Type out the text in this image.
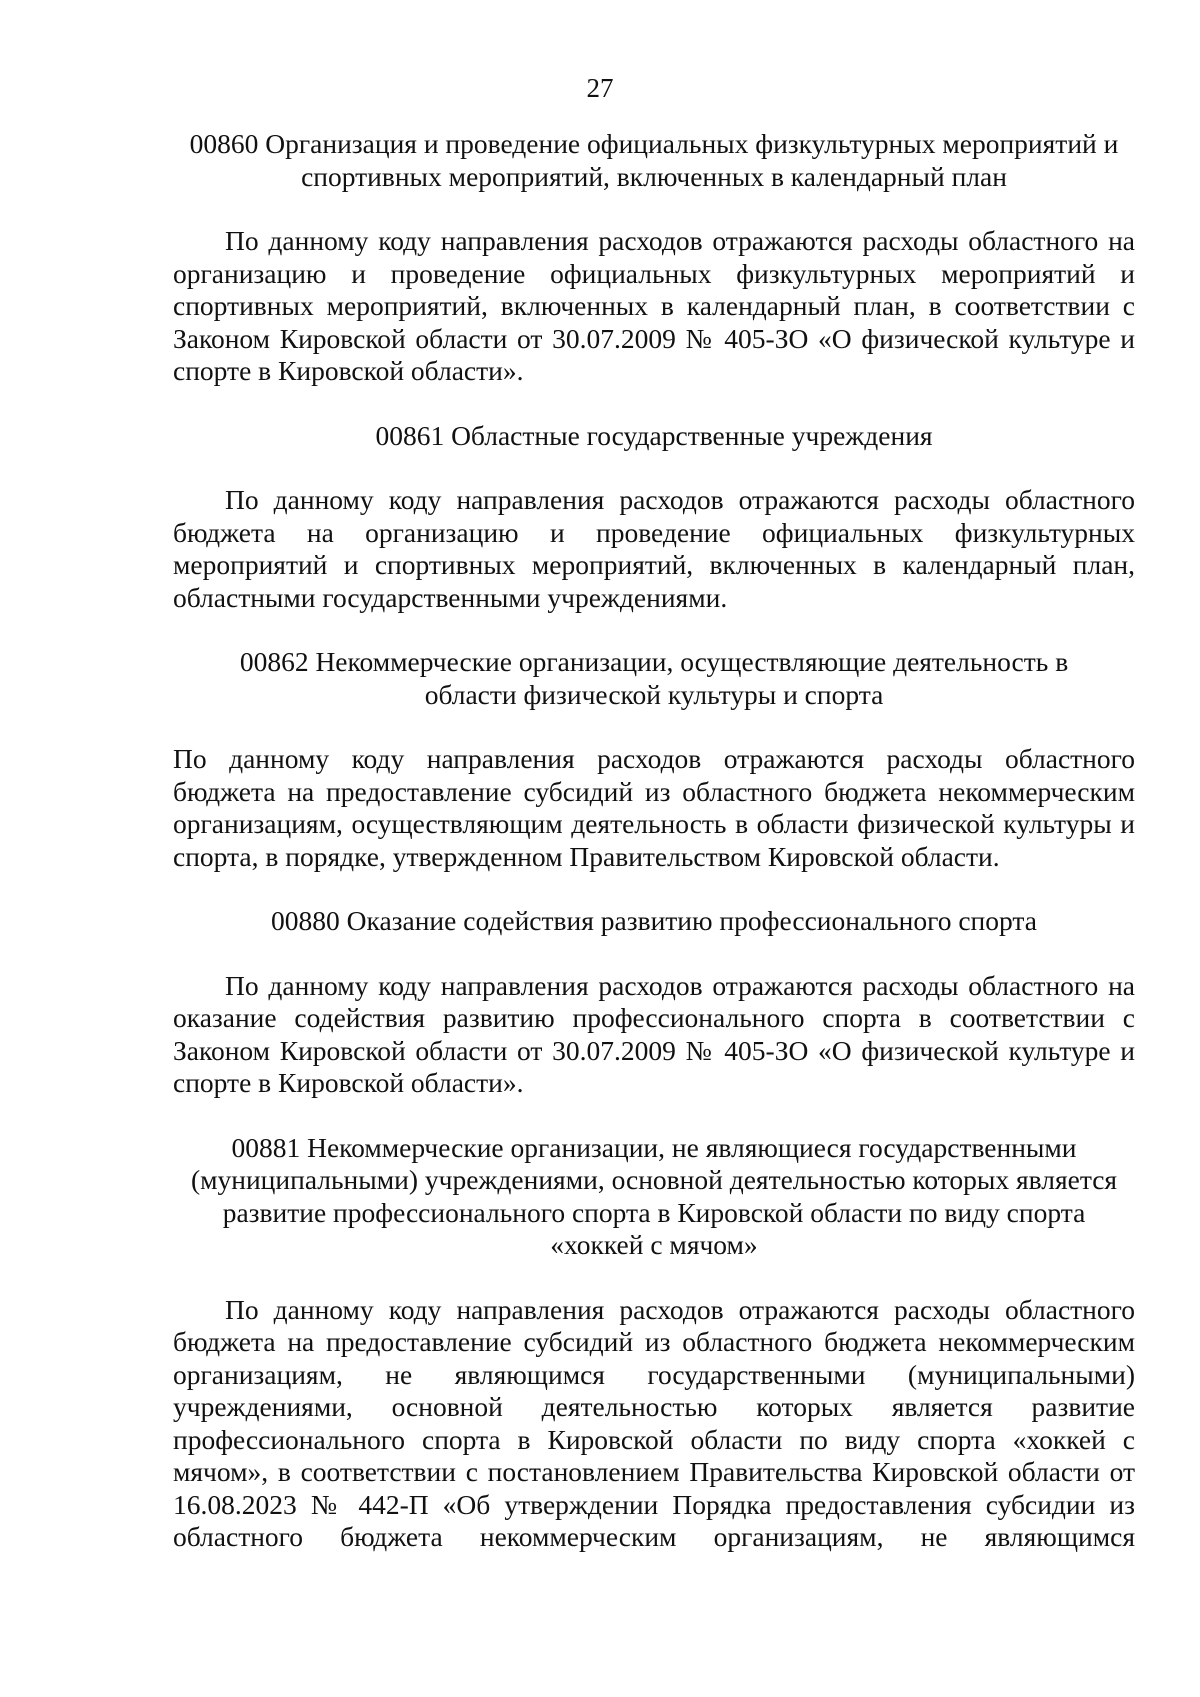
27
00860 Организация и проведение официальных физкультурных мероприятий и спортивных мероприятий, включенных в календарный план

По данному коду направления расходов отражаются расходы областного на организацию и проведение официальных физкультурных мероприятий и спортивных мероприятий, включенных в календарный план, в соответствии с Законом Кировской области от 30.07.2009 № 405-ЗО «О физической культуре и спорте в Кировской области».

00861 Областные государственные учреждения

По данному коду направления расходов отражаются расходы областного бюджета на организацию и проведение официальных физкультурных мероприятий и спортивных мероприятий, включенных в календарный план, областными государственными учреждениями.

00862 Некоммерческие организации, осуществляющие деятельность в области физической культуры и спорта

По данному коду направления расходов отражаются расходы областного бюджета на предоставление субсидий из областного бюджета некоммерческим организациям, осуществляющим деятельность в области физической культуры и спорта, в порядке, утвержденном Правительством Кировской области.

00880 Оказание содействия развитию профессионального спорта

По данному коду направления расходов отражаются расходы областного на оказание содействия развитию профессионального спорта в соответствии с Законом Кировской области от 30.07.2009 № 405-ЗО «О физической культуре и спорте в Кировской области».

00881 Некоммерческие организации, не являющиеся государственными (муниципальными) учреждениями, основной деятельностью которых является развитие профессионального спорта в Кировской области по виду спорта «хоккей с мячом»

По данному коду направления расходов отражаются расходы областного бюджета на предоставление субсидий из областного бюджета некоммерческим организациям, не являющимся государственными (муниципальными) учреждениями, основной деятельностью которых является развитие профессионального спорта в Кировской области по виду спорта «хоккей с мячом», в соответствии с постановлением Правительства Кировской области от 16.08.2023 № 442-П «Об утверждении Порядка предоставления субсидии из областного бюджета некоммерческим организациям, не являющимся
